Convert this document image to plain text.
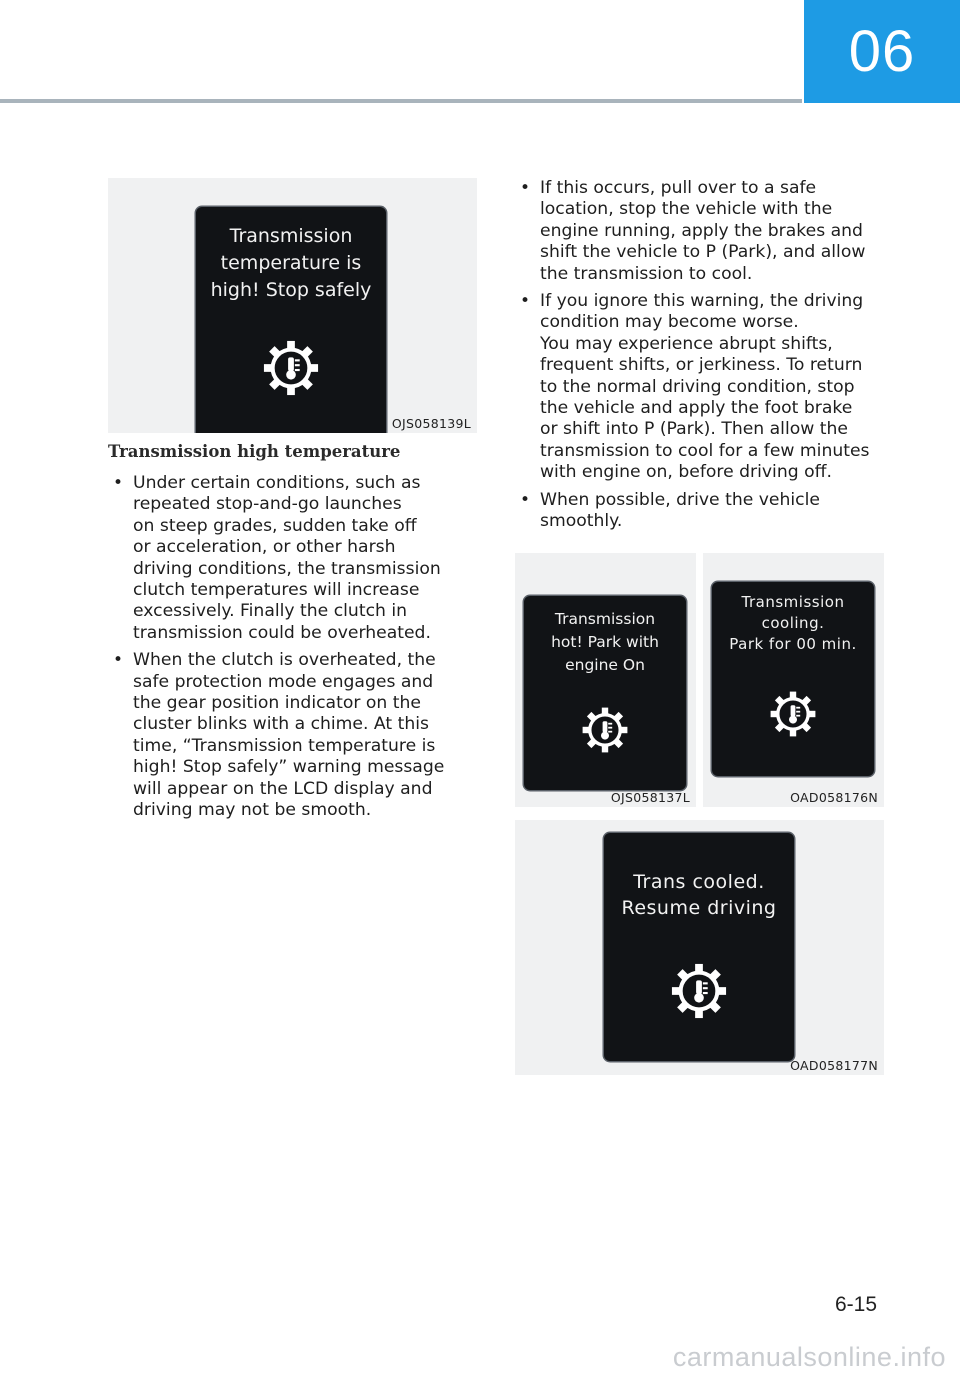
06
Transmission
temperature is
high! Stop safely
OJS058139L
Transmission high temperature
• Under certain conditions, such as
repeated stop-and-go launches
on steep grades, sudden take off
or acceleration, or other harsh
driving conditions, the transmission
clutch temperatures will increase
excessively. Finally the clutch in
transmission could be overheated.
• When the clutch is overheated, the
safe protection mode engages and
the gear position indicator on the
cluster blinks with a chime. At this
time, “Transmission temperature is
high! Stop safely” warning message
will appear on the LCD display and
driving may not be smooth.
• If this occurs, pull over to a safe
location, stop the vehicle with the
engine running, apply the brakes and
shift the vehicle to P (Park), and allow
the transmission to cool.
• If you ignore this warning, the driving
condition may become worse.
You may experience abrupt shifts,
frequent shifts, or jerkiness. To return
to the normal driving condition, stop
the vehicle and apply the foot brake
or shift into P (Park). Then allow the
transmission to cool for a few minutes
with engine on, before driving off.
• When possible, drive the vehicle
smoothly.
Transmission
hot! Park with
engine On
OJS058137L
Transmission
cooling.
Park for 00 min.
OAD058176N
Trans cooled.
Resume driving
OAD058177N
6-15
carmanualsonline.info
